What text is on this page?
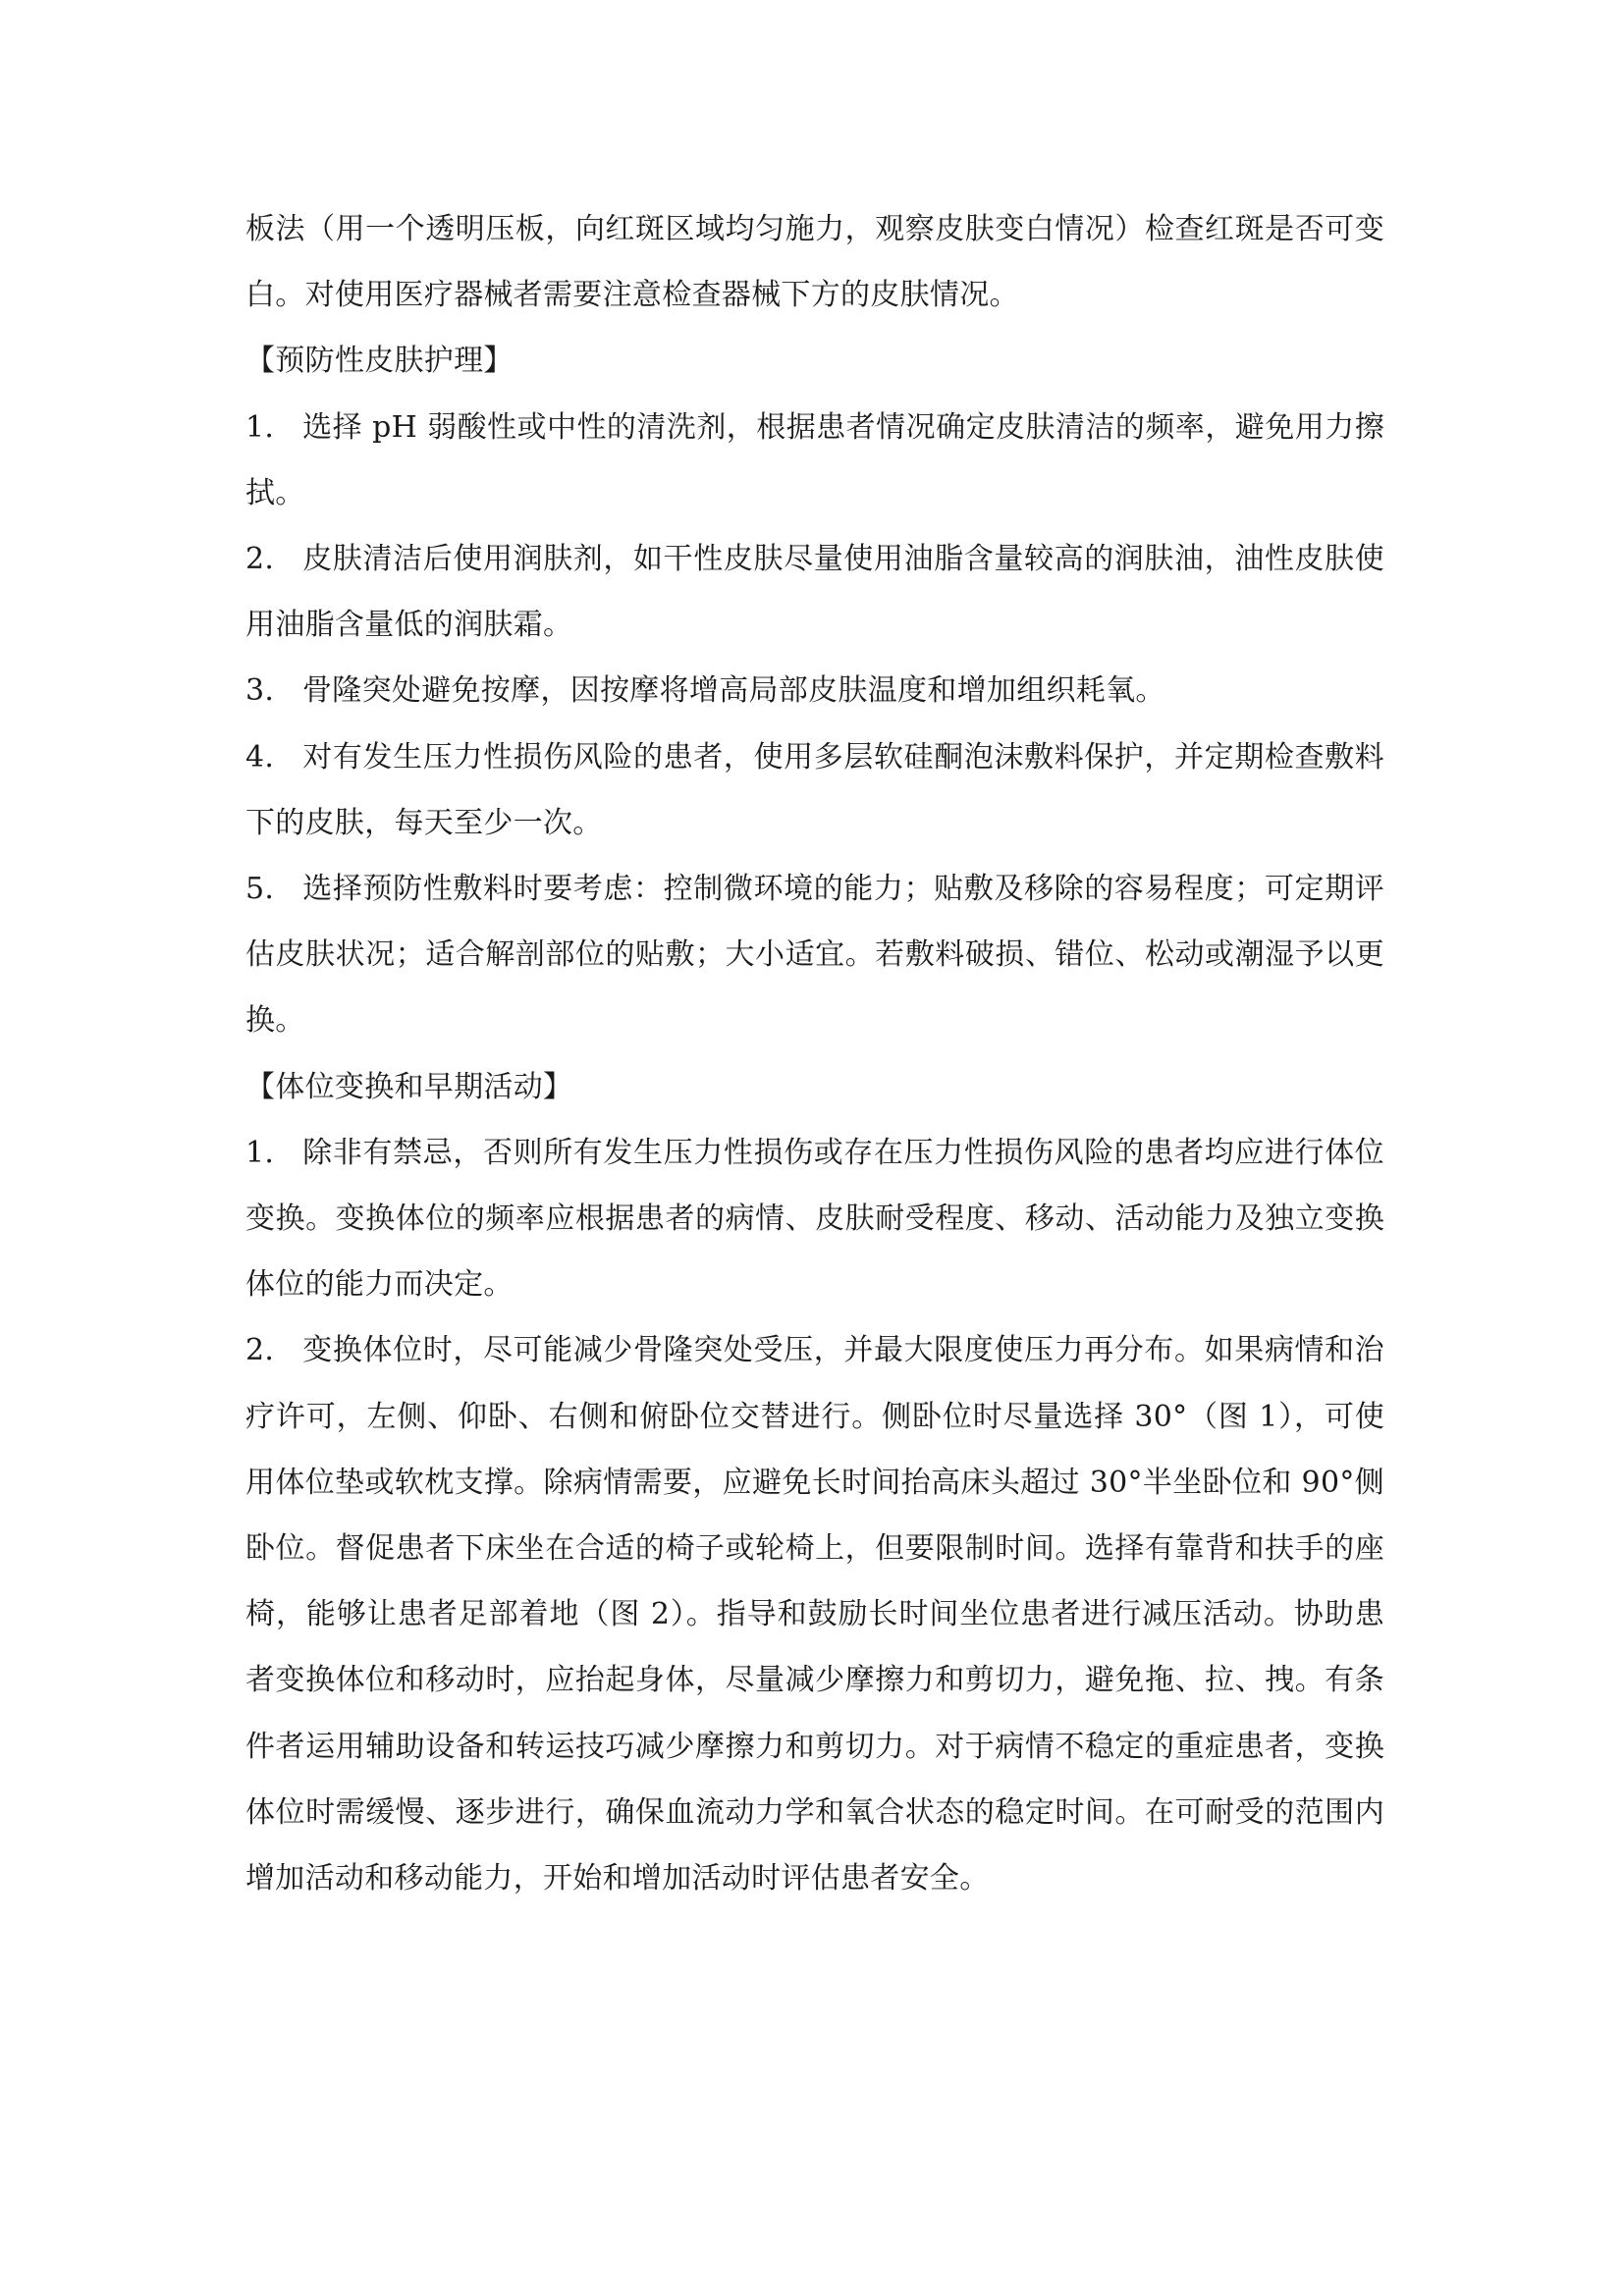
板法（用一个透明压板，向红斑区域均匀施力，观察皮肤变白情况）检查红斑是否可变白。对使用医疗器械者需要注意检查器械下方的皮肤情况。

【预防性皮肤护理】

1. 选择 pH 弱酸性或中性的清洗剂，根据患者情况确定皮肤清洁的频率，避免用力擦拭。

2. 皮肤清洁后使用润肤剂，如干性皮肤尽量使用油脂含量较高的润肤油，油性皮肤使用油脂含量低的润肤霜。

3. 骨隆突处避免按摩，因按摩将增高局部皮肤温度和增加组织耗氧。

4. 对有发生压力性损伤风险的患者，使用多层软硅酮泡沫敷料保护，并定期检查敷料下的皮肤，每天至少一次。

5. 选择预防性敷料时要考虑：控制微环境的能力；贴敷及移除的容易程度；可定期评估皮肤状况；适合解剖部位的贴敷；大小适宜。若敷料破损、错位、松动或潮湿予以更换。

【体位变换和早期活动】

1. 除非有禁忌，否则所有发生压力性损伤或存在压力性损伤风险的患者均应进行体位变换。变换体位的频率应根据患者的病情、皮肤耐受程度、移动、活动能力及独立变换体位的能力而决定。

2. 变换体位时，尽可能减少骨隆突处受压，并最大限度使压力再分布。如果病情和治疗许可，左侧、仰卧、右侧和俯卧位交替进行。侧卧位时尽量选择 30°（图 1），可使用体位垫或软枕支撑。除病情需要，应避免长时间抬高床头超过 30°半坐卧位和 90°侧卧位。督促患者下床坐在合适的椅子或轮椅上，但要限制时间。选择有靠背和扶手的座椅，能够让患者足部着地（图 2）。指导和鼓励长时间坐位患者进行减压活动。协助患者变换体位和移动时，应抬起身体，尽量减少摩擦力和剪切力，避免拖、拉、拽。有条件者运用辅助设备和转运技巧减少摩擦力和剪切力。对于病情不稳定的重症患者，变换体位时需缓慢、逐步进行，确保血流动力学和氧合状态的稳定时间。在可耐受的范围内增加活动和移动能力，开始和增加活动时评估患者安全。
